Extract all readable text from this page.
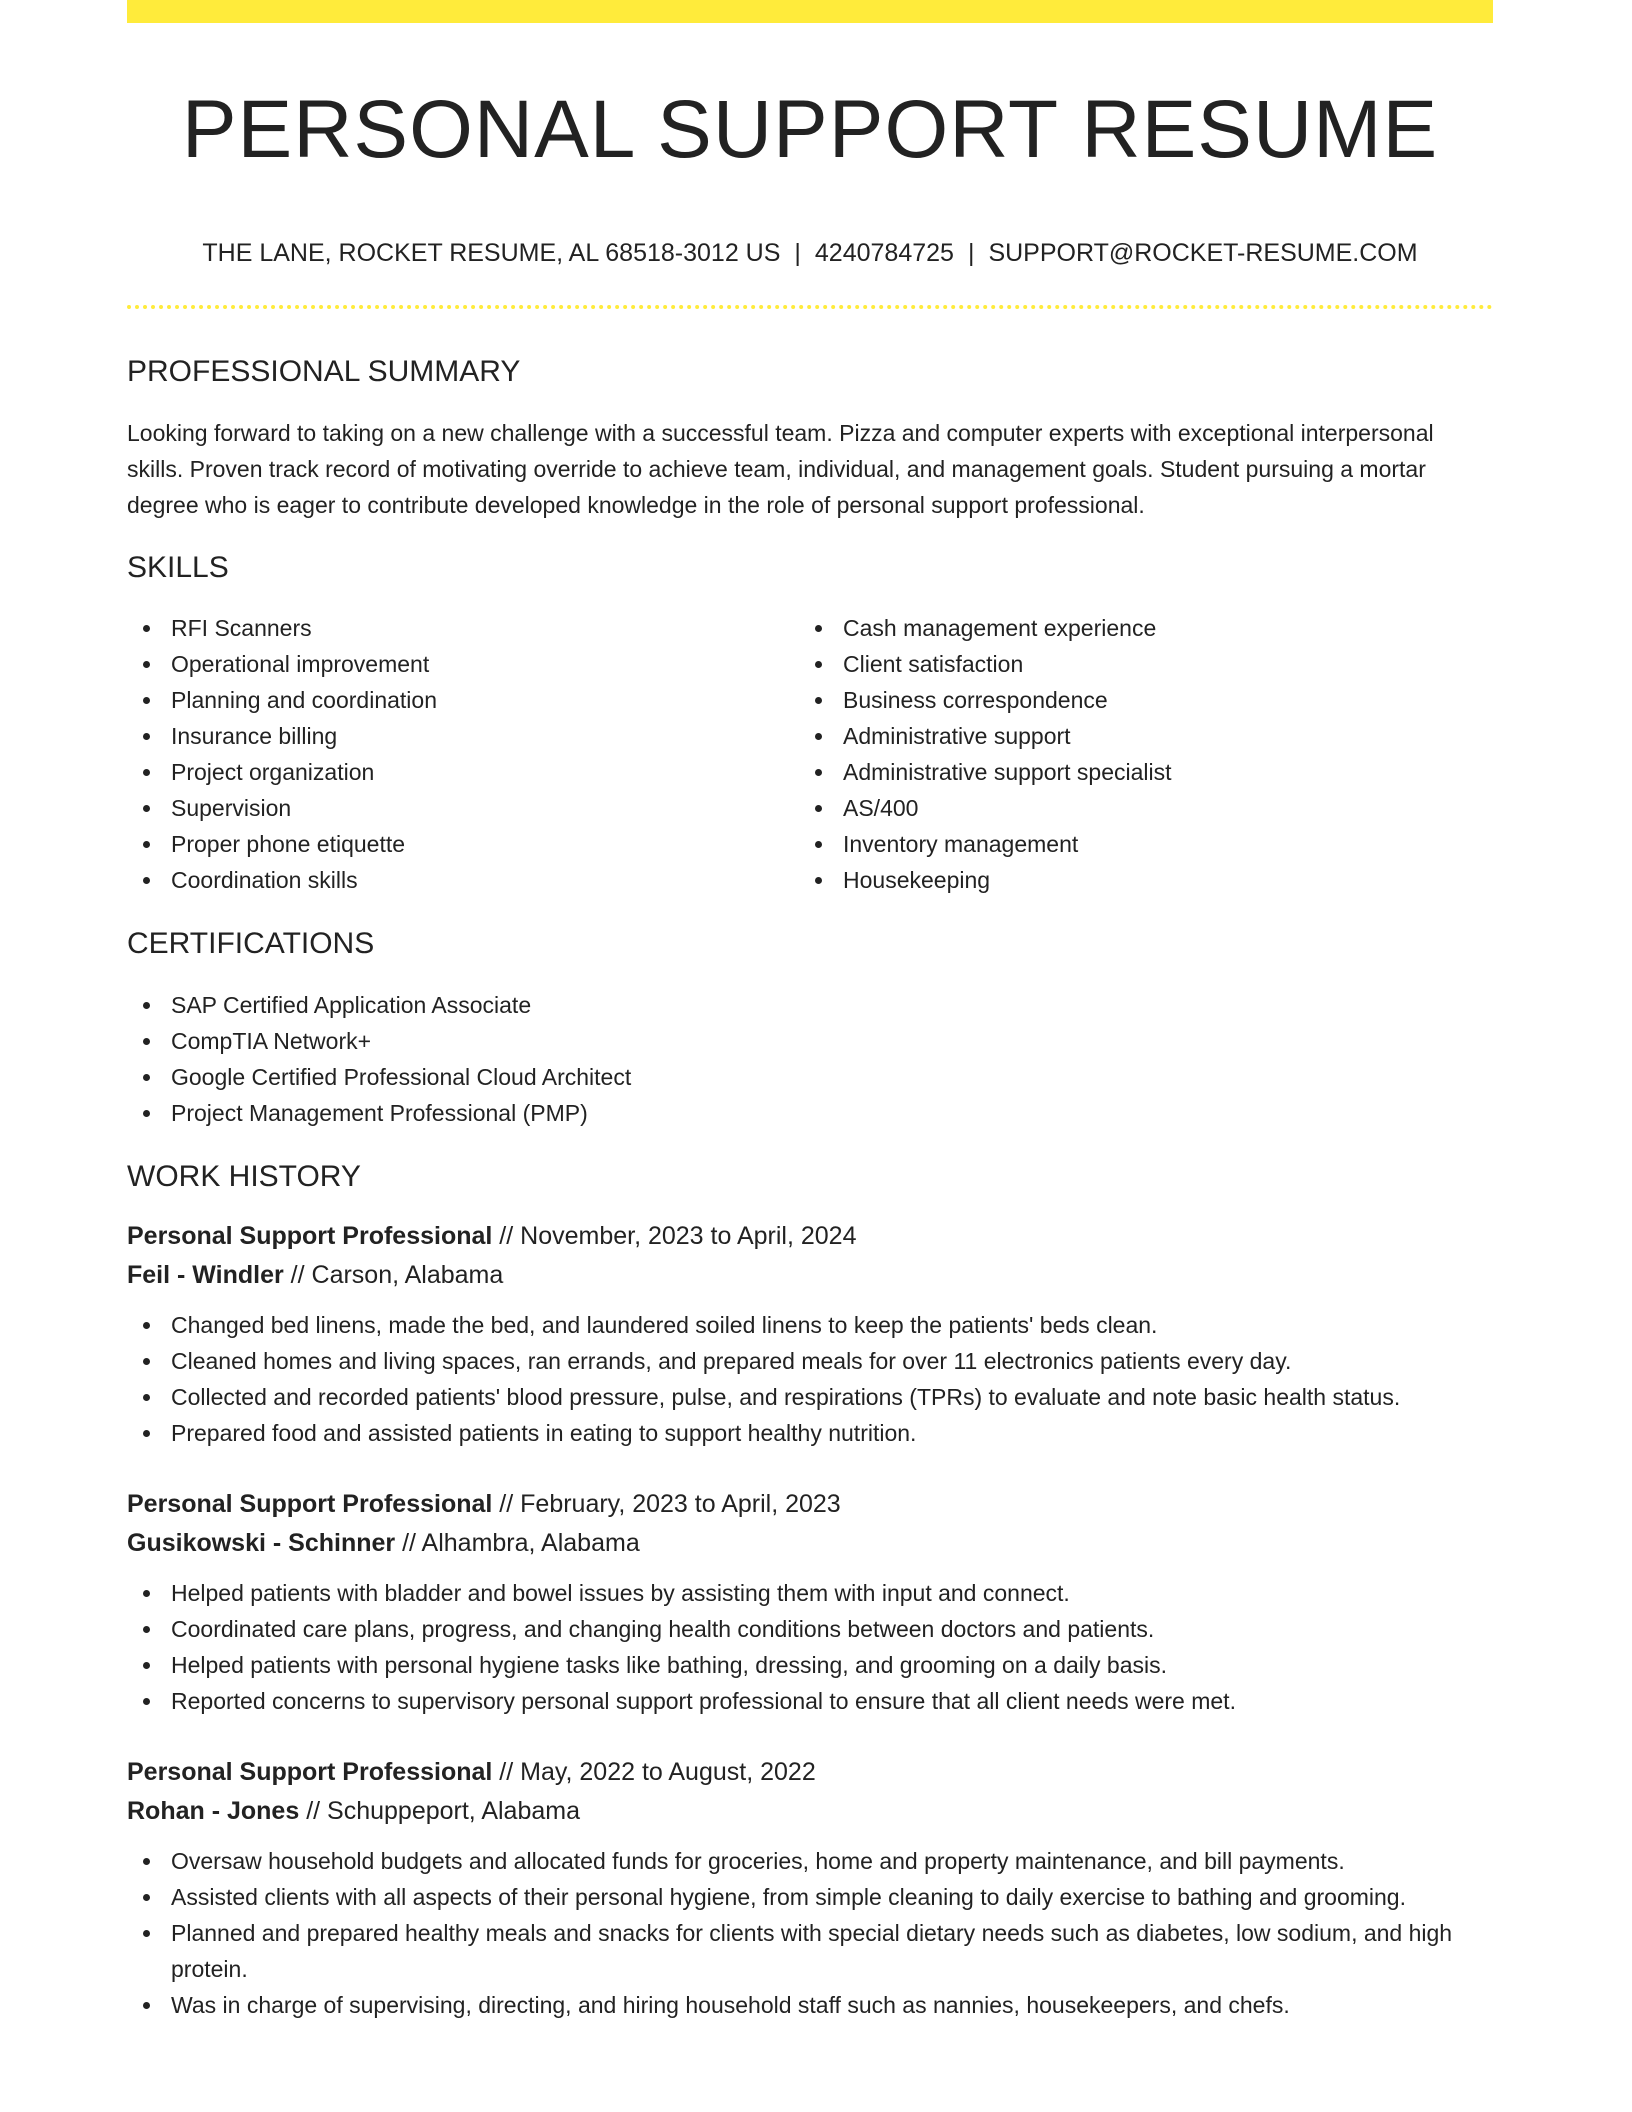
PERSONAL SUPPORT RESUME
THE LANE, ROCKET RESUME, AL 68518-3012 US | 4240784725 | SUPPORT@ROCKET-RESUME.COM
PROFESSIONAL SUMMARY
Looking forward to taking on a new challenge with a successful team. Pizza and computer experts with exceptional interpersonal skills. Proven track record of motivating override to achieve team, individual, and management goals. Student pursuing a mortar degree who is eager to contribute developed knowledge in the role of personal support professional.
SKILLS
RFI Scanners
Operational improvement
Planning and coordination
Insurance billing
Project organization
Supervision
Proper phone etiquette
Coordination skills
Cash management experience
Client satisfaction
Business correspondence
Administrative support
Administrative support specialist
AS/400
Inventory management
Housekeeping
CERTIFICATIONS
SAP Certified Application Associate
CompTIA Network+
Google Certified Professional Cloud Architect
Project Management Professional (PMP)
WORK HISTORY
Personal Support Professional // November, 2023 to April, 2024
Feil - Windler // Carson, Alabama
Changed bed linens, made the bed, and laundered soiled linens to keep the patients' beds clean.
Cleaned homes and living spaces, ran errands, and prepared meals for over 11 electronics patients every day.
Collected and recorded patients' blood pressure, pulse, and respirations (TPRs) to evaluate and note basic health status.
Prepared food and assisted patients in eating to support healthy nutrition.
Personal Support Professional // February, 2023 to April, 2023
Gusikowski - Schinner // Alhambra, Alabama
Helped patients with bladder and bowel issues by assisting them with input and connect.
Coordinated care plans, progress, and changing health conditions between doctors and patients.
Helped patients with personal hygiene tasks like bathing, dressing, and grooming on a daily basis.
Reported concerns to supervisory personal support professional to ensure that all client needs were met.
Personal Support Professional // May, 2022 to August, 2022
Rohan - Jones // Schuppeport, Alabama
Oversaw household budgets and allocated funds for groceries, home and property maintenance, and bill payments.
Assisted clients with all aspects of their personal hygiene, from simple cleaning to daily exercise to bathing and grooming.
Planned and prepared healthy meals and snacks for clients with special dietary needs such as diabetes, low sodium, and high protein.
Was in charge of supervising, directing, and hiring household staff such as nannies, housekeepers, and chefs.
